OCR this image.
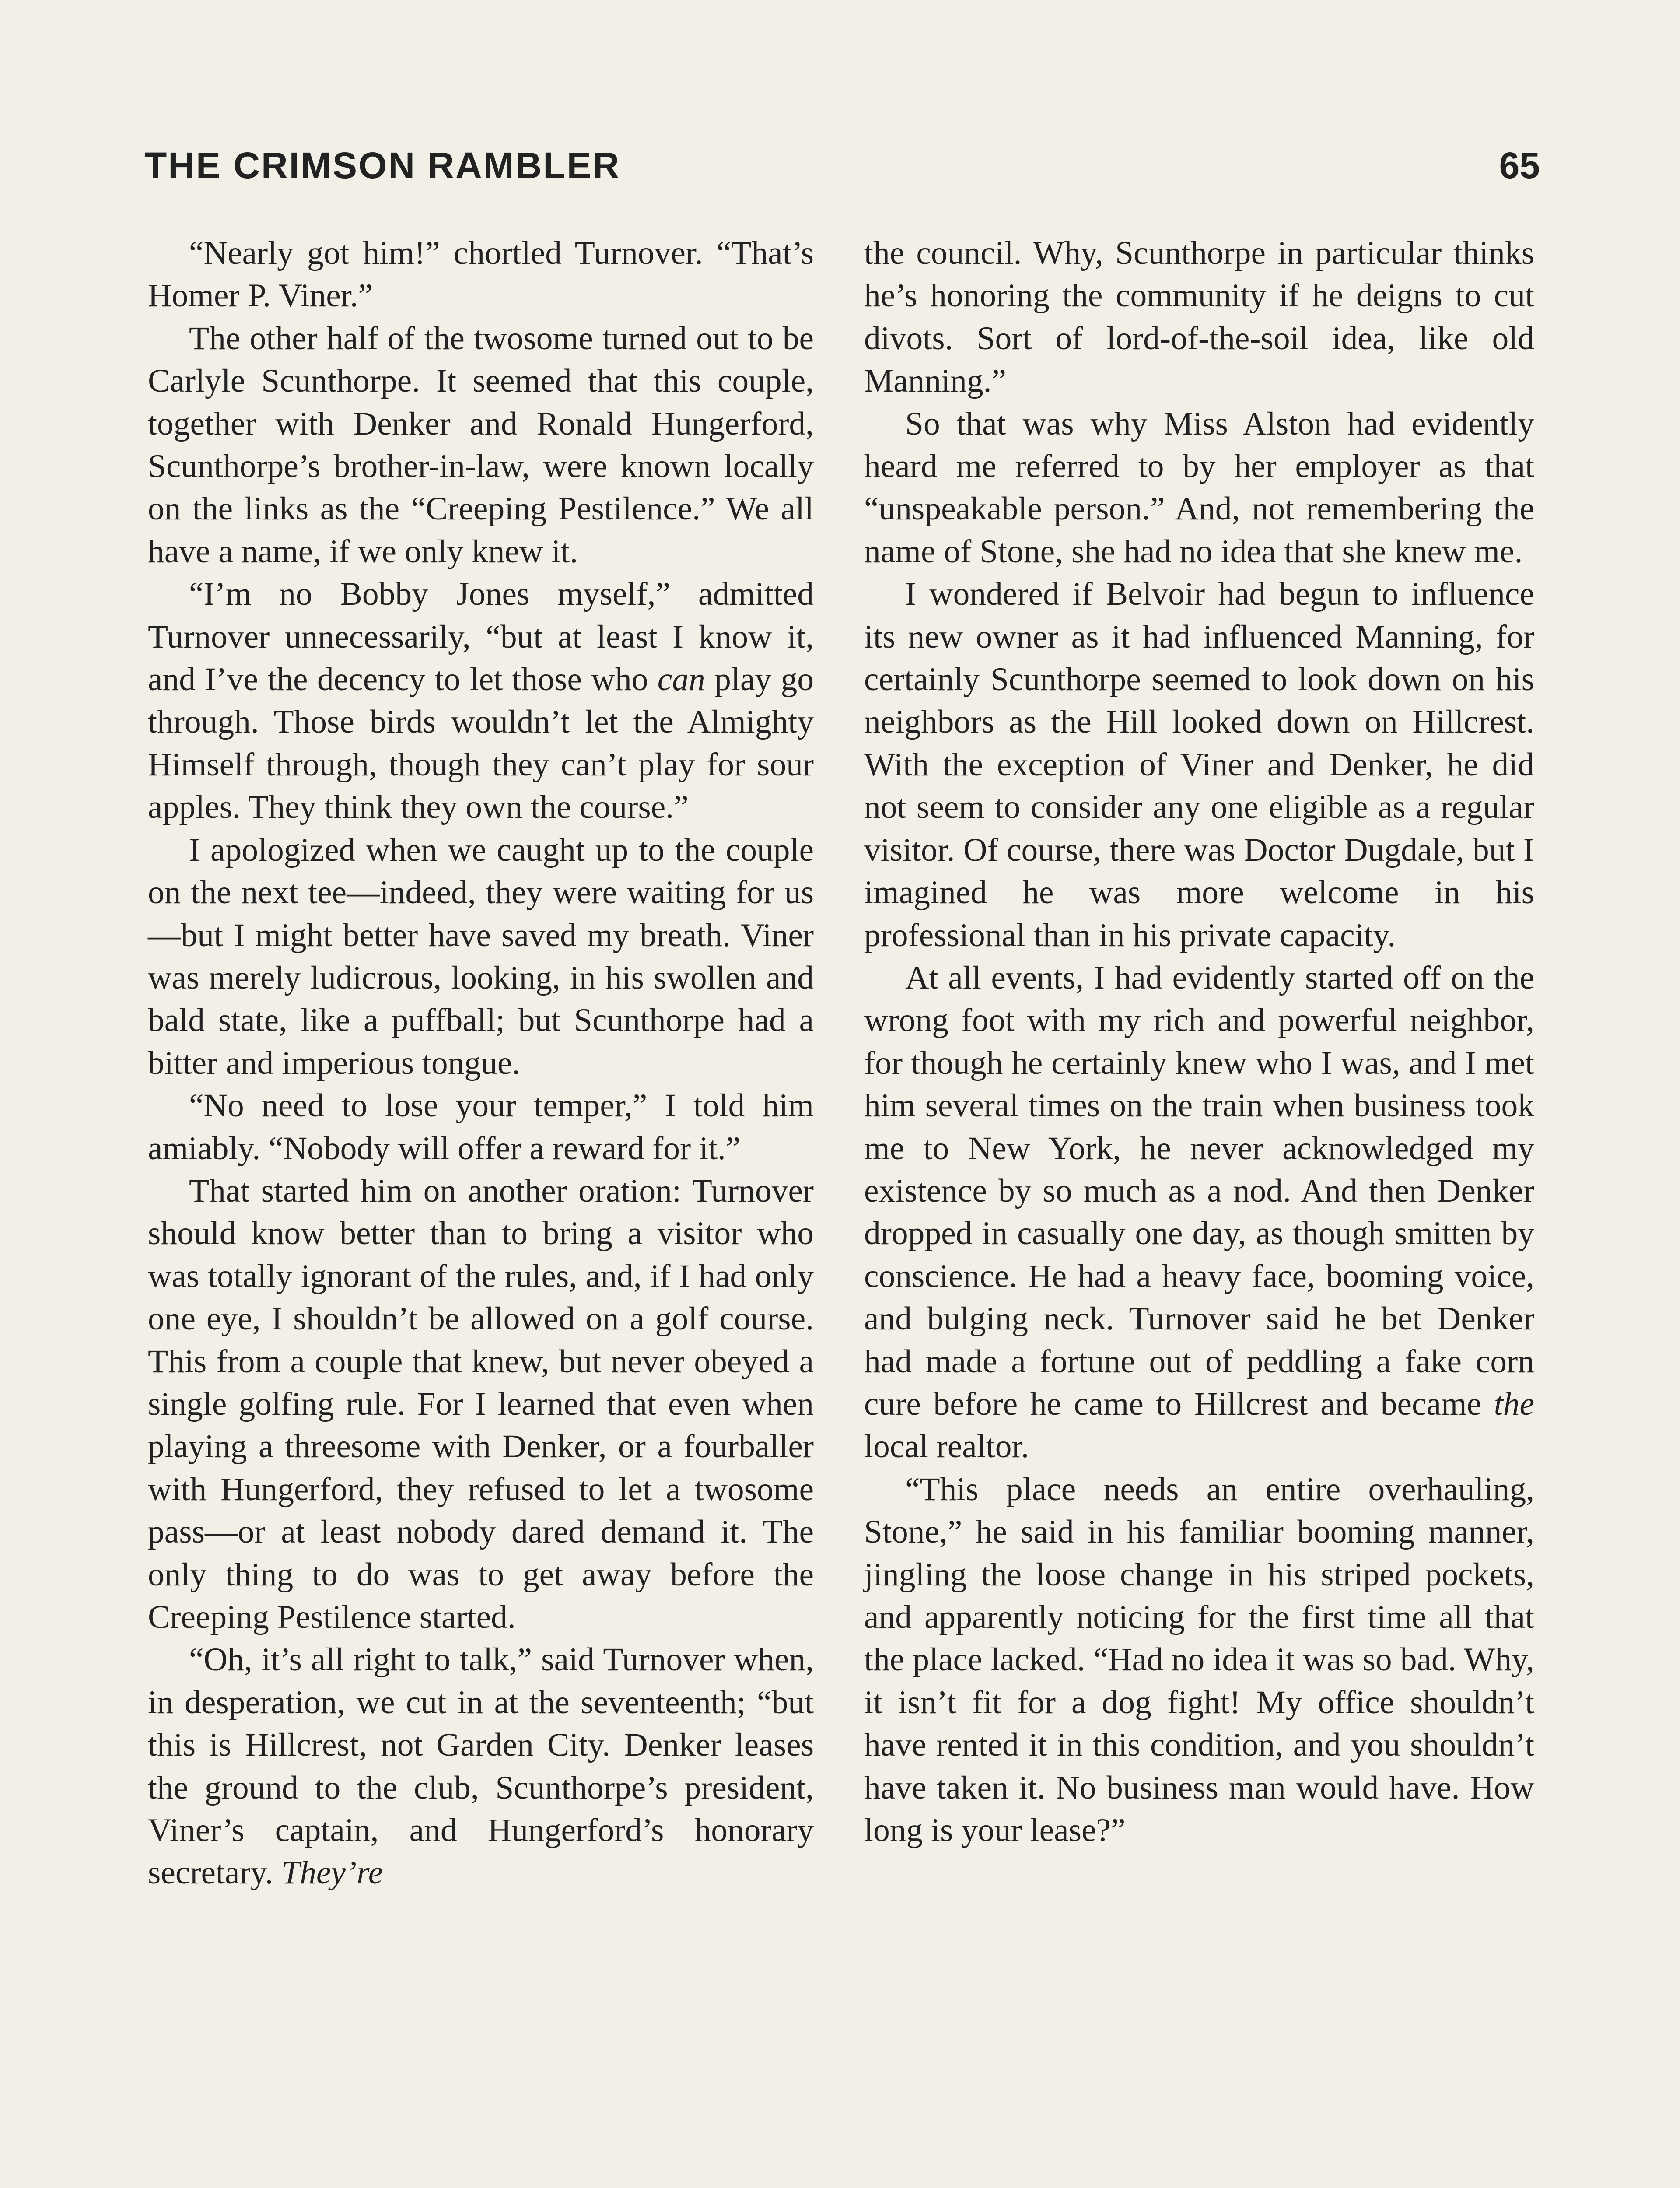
THE CRIMSON RAMBLER	65

“Nearly got him!” chortled Turnover. “That’s Homer P. Viner.”

The other half of the twosome turned out to be Carlyle Scunthorpe. It seemed that this couple, together with Denker and Ronald Hungerford, Scunthorpe’s brother-in-law, were known locally on the links as the “Creeping Pestilence.” We all have a name, if we only knew it.

“I’m no Bobby Jones myself,” admitted Turnover unnecessarily, “but at least I know it, and I’ve the decency to let those who can play go through. Those birds wouldn’t let the Almighty Himself through, though they can’t play for sour apples. They think they own the course.”

I apologized when we caught up to the couple on the next tee—indeed, they were waiting for us—but I might better have saved my breath. Viner was merely ludicrous, looking, in his swollen and bald state, like a puffball; but Scunthorpe had a bitter and imperious tongue.

“No need to lose your temper,” I told him amiably. “Nobody will offer a reward for it.”

That started him on another oration: Turnover should know better than to bring a visitor who was totally ignorant of the rules, and, if I had only one eye, I shouldn’t be allowed on a golf course. This from a couple that knew, but never obeyed a single golfing rule. For I learned that even when playing a threesome with Denker, or a fourballer with Hungerford, they refused to let a twosome pass—or at least nobody dared demand it. The only thing to do was to get away before the Creeping Pestilence started.

“Oh, it’s all right to talk,” said Turnover when, in desperation, we cut in at the seventeenth; “but this is Hillcrest, not Garden City. Denker leases the ground to the club, Scunthorpe’s president, Viner’s captain, and Hungerford’s honorary secretary. They’re

the council. Why, Scunthorpe in particular thinks he’s honoring the community if he deigns to cut divots. Sort of lord-of-the-soil idea, like old Manning.”

So that was why Miss Alston had evidently heard me referred to by her employer as that “unspeakable person.” And, not remembering the name of Stone, she had no idea that she knew me.

I wondered if Belvoir had begun to influence its new owner as it had influenced Manning, for certainly Scunthorpe seemed to look down on his neighbors as the Hill looked down on Hillcrest. With the exception of Viner and Denker, he did not seem to consider any one eligible as a regular visitor. Of course, there was Doctor Dugdale, but I imagined he was more welcome in his professional than in his private capacity.

At all events, I had evidently started off on the wrong foot with my rich and powerful neighbor, for though he certainly knew who I was, and I met him several times on the train when business took me to New York, he never acknowledged my existence by so much as a nod. And then Denker dropped in casually one day, as though smitten by conscience. He had a heavy face, booming voice, and bulging neck. Turnover said he bet Denker had made a fortune out of peddling a fake corn cure before he came to Hillcrest and became the local realtor.

“This place needs an entire overhauling, Stone,” he said in his familiar booming manner, jingling the loose change in his striped pockets, and apparently noticing for the first time all that the place lacked. “Had no idea it was so bad. Why, it isn’t fit for a dog fight! My office shouldn’t have rented it in this condition, and you shouldn’t have taken it. No business man would have. How long is your lease?”
